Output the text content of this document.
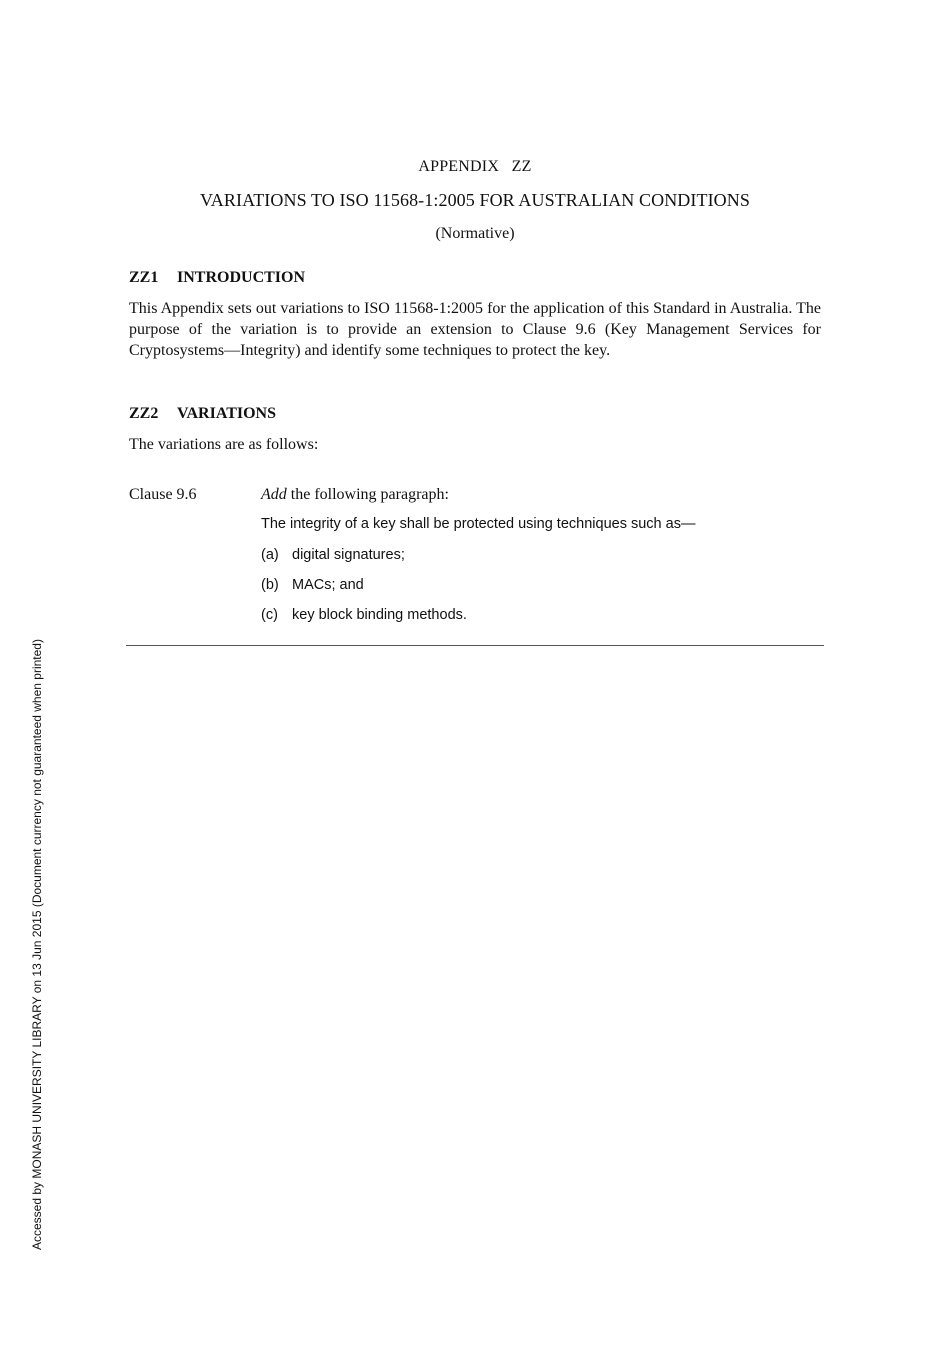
APPENDIX   ZZ
VARIATIONS TO ISO 11568-1:2005 FOR AUSTRALIAN CONDITIONS
(Normative)
ZZ1 INTRODUCTION
This Appendix sets out variations to ISO 11568-1:2005 for the application of this Standard in Australia. The purpose of the variation is to provide an extension to Clause 9.6 (Key Management Services for Cryptosystems—Integrity) and identify some techniques to protect the key.
ZZ2 VARIATIONS
The variations are as follows:
Clause 9.6	Add the following paragraph:
The integrity of a key shall be protected using techniques such as—
(a) digital signatures;
(b) MACs; and
(c) key block binding methods.
Accessed by MONASH UNIVERSITY LIBRARY on 13 Jun 2015 (Document currency not guaranteed when printed)
